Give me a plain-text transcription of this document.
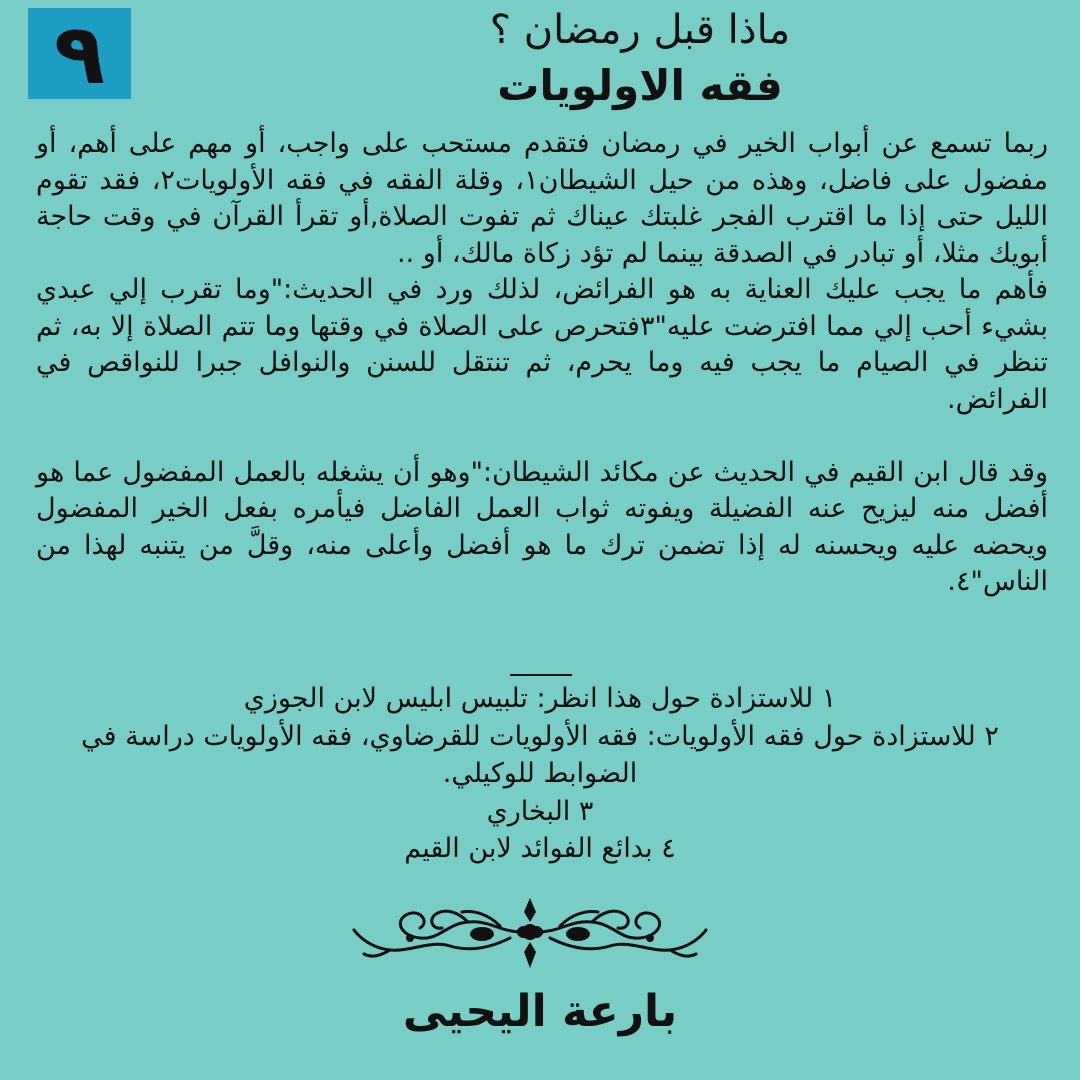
٩	ماذا قبل رمضان ؟
فقه الاولويات

ربما تسمع عن أبواب الخير في رمضان فتقدم مستحب على واجب، أو مهم على أهم، أو مفضول على فاضل، وهذه من حيل الشيطان١، وقلة الفقه في فقه الأولويات٢، فقد تقوم الليل حتى إذا ما اقترب الفجر غلبتك عيناك ثم تفوت الصلاة,أو تقرأ القرآن في وقت حاجة أبويك مثلا، أو تبادر في الصدقة بينما لم تؤد زكاة مالك، أو ..

فأهم ما يجب عليك العناية به هو الفرائض، لذلك ورد في الحديث:"وما تقرب إلي عبدي بشيء أحب إلي مما افترضت عليه"٣فتحرص على الصلاة في وقتها وما تتم الصلاة إلا به، ثم تنظر في الصيام ما يجب فيه وما يحرم، ثم تنتقل للسنن والنوافل جبرا للنواقص في الفرائض.

وقد قال ابن القيم في الحديث عن مكائد الشيطان:"وهو أن يشغله بالعمل المفضول عما هو أفضل منه ليزيح عنه الفضيلة ويفوته ثواب العمل الفاضل فيأمره بفعل الخير المفضول ويحضه عليه ويحسنه له إذا تضمن ترك ما هو أفضل وأعلى منه، وقلَّ من يتنبه لهذا من الناس"٤.

١ للاستزادة حول هذا انظر: تلبيس ابليس لابن الجوزي
٢ للاستزادة حول فقه الأولويات: فقه الأولويات للقرضاوي، فقه الأولويات دراسة في الضوابط للوكيلي.
٣ البخاري
٤ بدائع الفوائد لابن القيم
بارعة اليحيى
